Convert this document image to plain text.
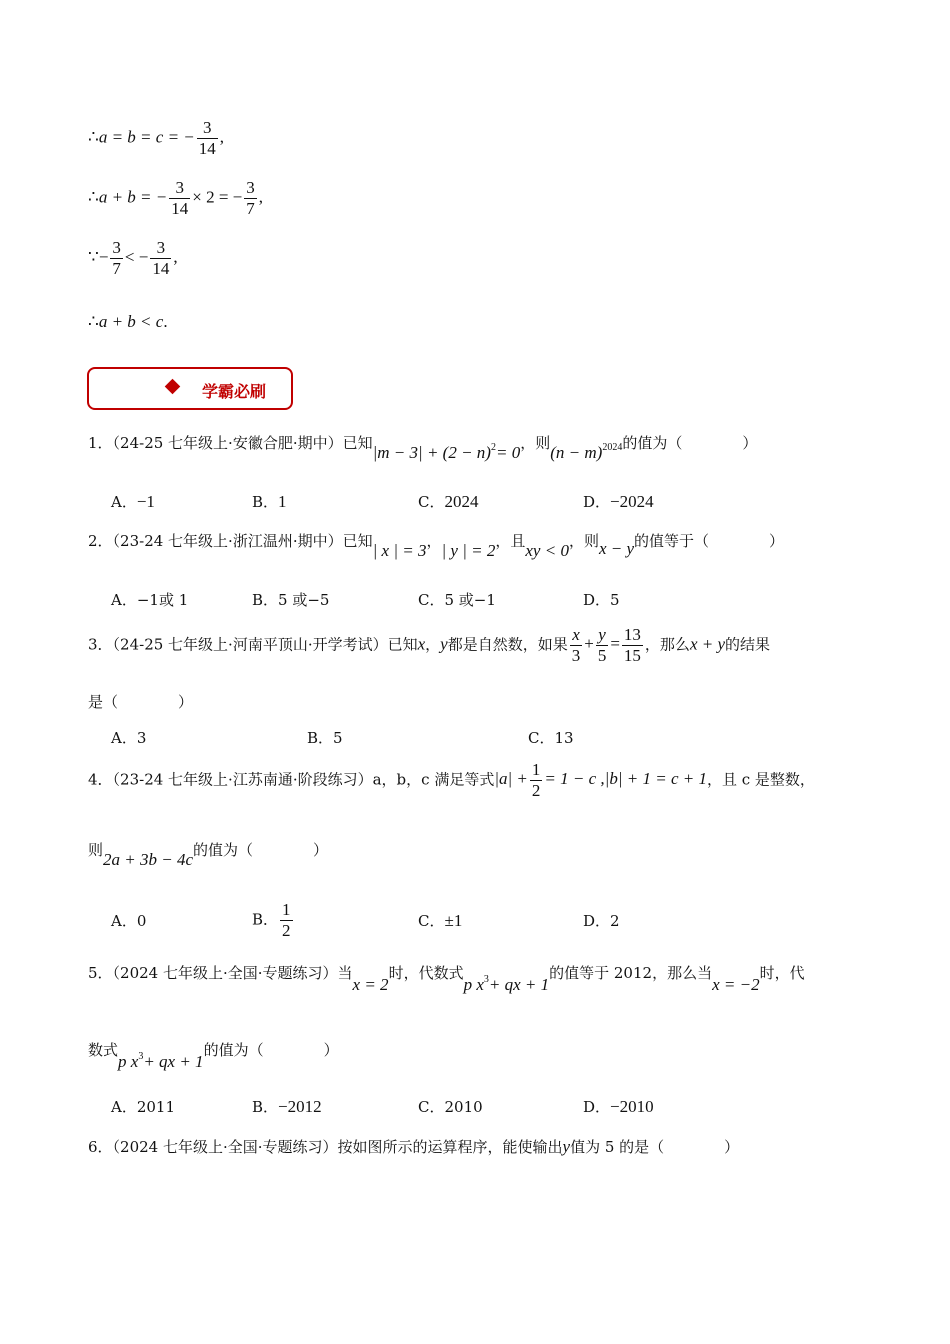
∴a = b = c = − $\frac{3}{14}$ ,
∴a + b = − $\frac{3}{14} \times 2$ = − $\frac{3}{7}$ ,
∵− $\frac{3}{7}$ < − $\frac{3}{14}$ ,
∴a + b < c.
学霸必刷
1．（24-25 七年级上·安徽合肥·期中）已知$|m - 3| + (2 - n)^2= 0$，则$(n - m)^{2024}$的值为（　　　　）
A．−1	B．1	C．2024	D．−2024
2．（23-24 七年级上·浙江温州·期中）已知| x | = 3，| y | = 2，且xy < 0，则x − y的值等于（　　　　）
A．−1或 1	B．5 或−5	C．5 或−1	D．5
3．（24-25 七年级上·河南平顶山·开学考试）已知x，y都是自然数，如果 $\frac{x}{3} + \frac{y}{5} = \frac{13}{15}$ ，那么x + y的结果
是（　　　　）
A．3	B．5	C．13
4．（23-24 七年级上·江苏南通·阶段练习）a，b，c 满足等式$|a| + \frac{1}{2} = 1 - c$ ,|b| + 1 = c + 1，且 c 是整数，
则2a + 3b − 4c的值为（　　　　）
A．0	B． $\frac{1}{2}$	C．±1	D．2
5．（2024 七年级上·全国·专题练习）当x = 2时，代数式p $x^3+$ qx + 1的值等于 2012，那么当x = −2时，代
数式p $x^3+$ qx + 1的值为（　　　　）
A．2011	B．−2012	C．2010	D．−2010
6．（2024 七年级上·全国·专题练习）按如图所示的运算程序，能使输出y值为 5 的是（　　　　）
